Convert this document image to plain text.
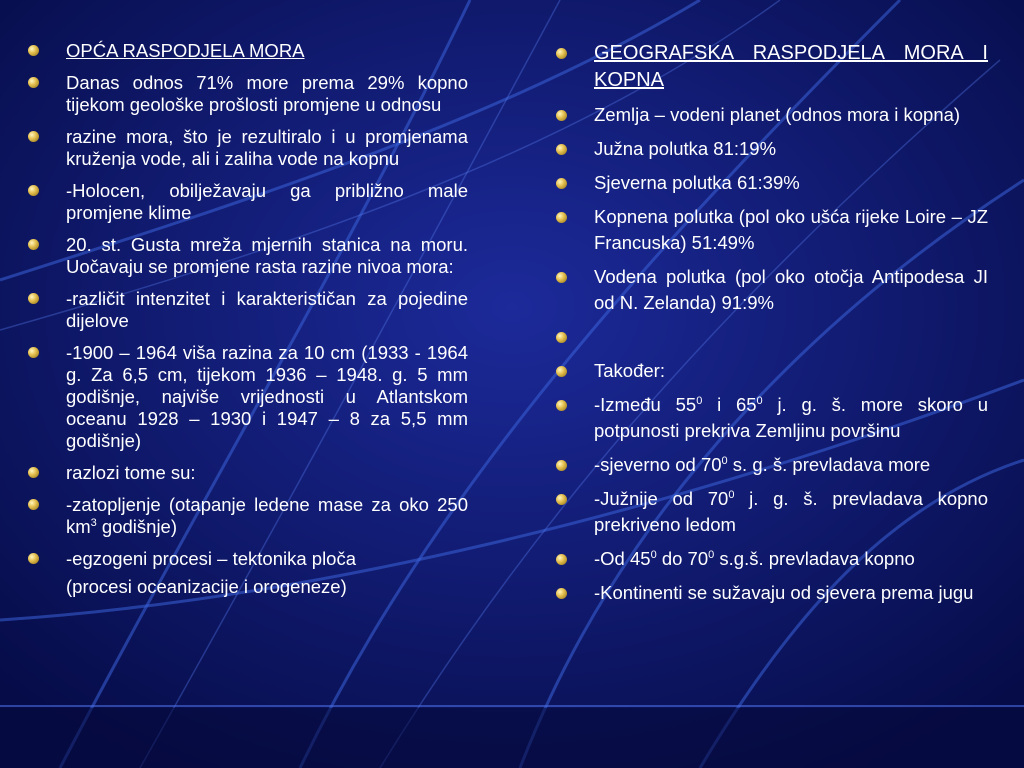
OPĆA RASPODJELA MORA
Danas odnos 71% more prema 29% kopno tijekom geološke prošlosti promjene u odnosu
razine mora, što je rezultiralo i u promjenama kruženja vode, ali i zaliha vode na kopnu
-Holocen, obilježavaju ga približno male promjene klime
20. st. Gusta mreža mjernih stanica na moru. Uočavaju se promjene rasta razine nivoa mora:
-različit intenzitet i karakterističan za pojedine dijelove
-1900 – 1964 viša razina za 10 cm (1933 - 1964 g. Za 6,5 cm, tijekom 1936 – 1948. g. 5 mm godišnje, najviše vrijednosti u Atlantskom oceanu 1928 – 1930 i 1947 – 8 za 5,5 mm godišnje)
razlozi tome su:
-zatopljenje (otapanje ledene mase za oko 250 $km^3$ godišnje)
-egzogeni procesi – tektonika ploča
(procesi oceanizacije i orogeneze)
GEOGRAFSKA RASPODJELA MORA I KOPNA
Zemlja – vodeni planet (odnos mora i kopna)
Južna polutka 81:19%
Sjeverna polutka 61:39%
Kopnena polutka (pol oko ušća rijeke Loire – JZ Francuska) 51:49%
Vodena polutka (pol oko otočja Antipodesa JI od N. Zelanda) 91:9%
Također:
-Između $55^0$ i $65^0$ j. g. š. more skoro u potpunosti prekriva Zemljinu površinu
-sjeverno od $70^0$ s. g. š. prevladava more
-Južnije od $70^0$ j. g. š. prevladava kopno prekriveno ledom
-Od $45^0$ do $70^0$ s.g.š. prevladava kopno
-Kontinenti se sužavaju od sjevera prema jugu
